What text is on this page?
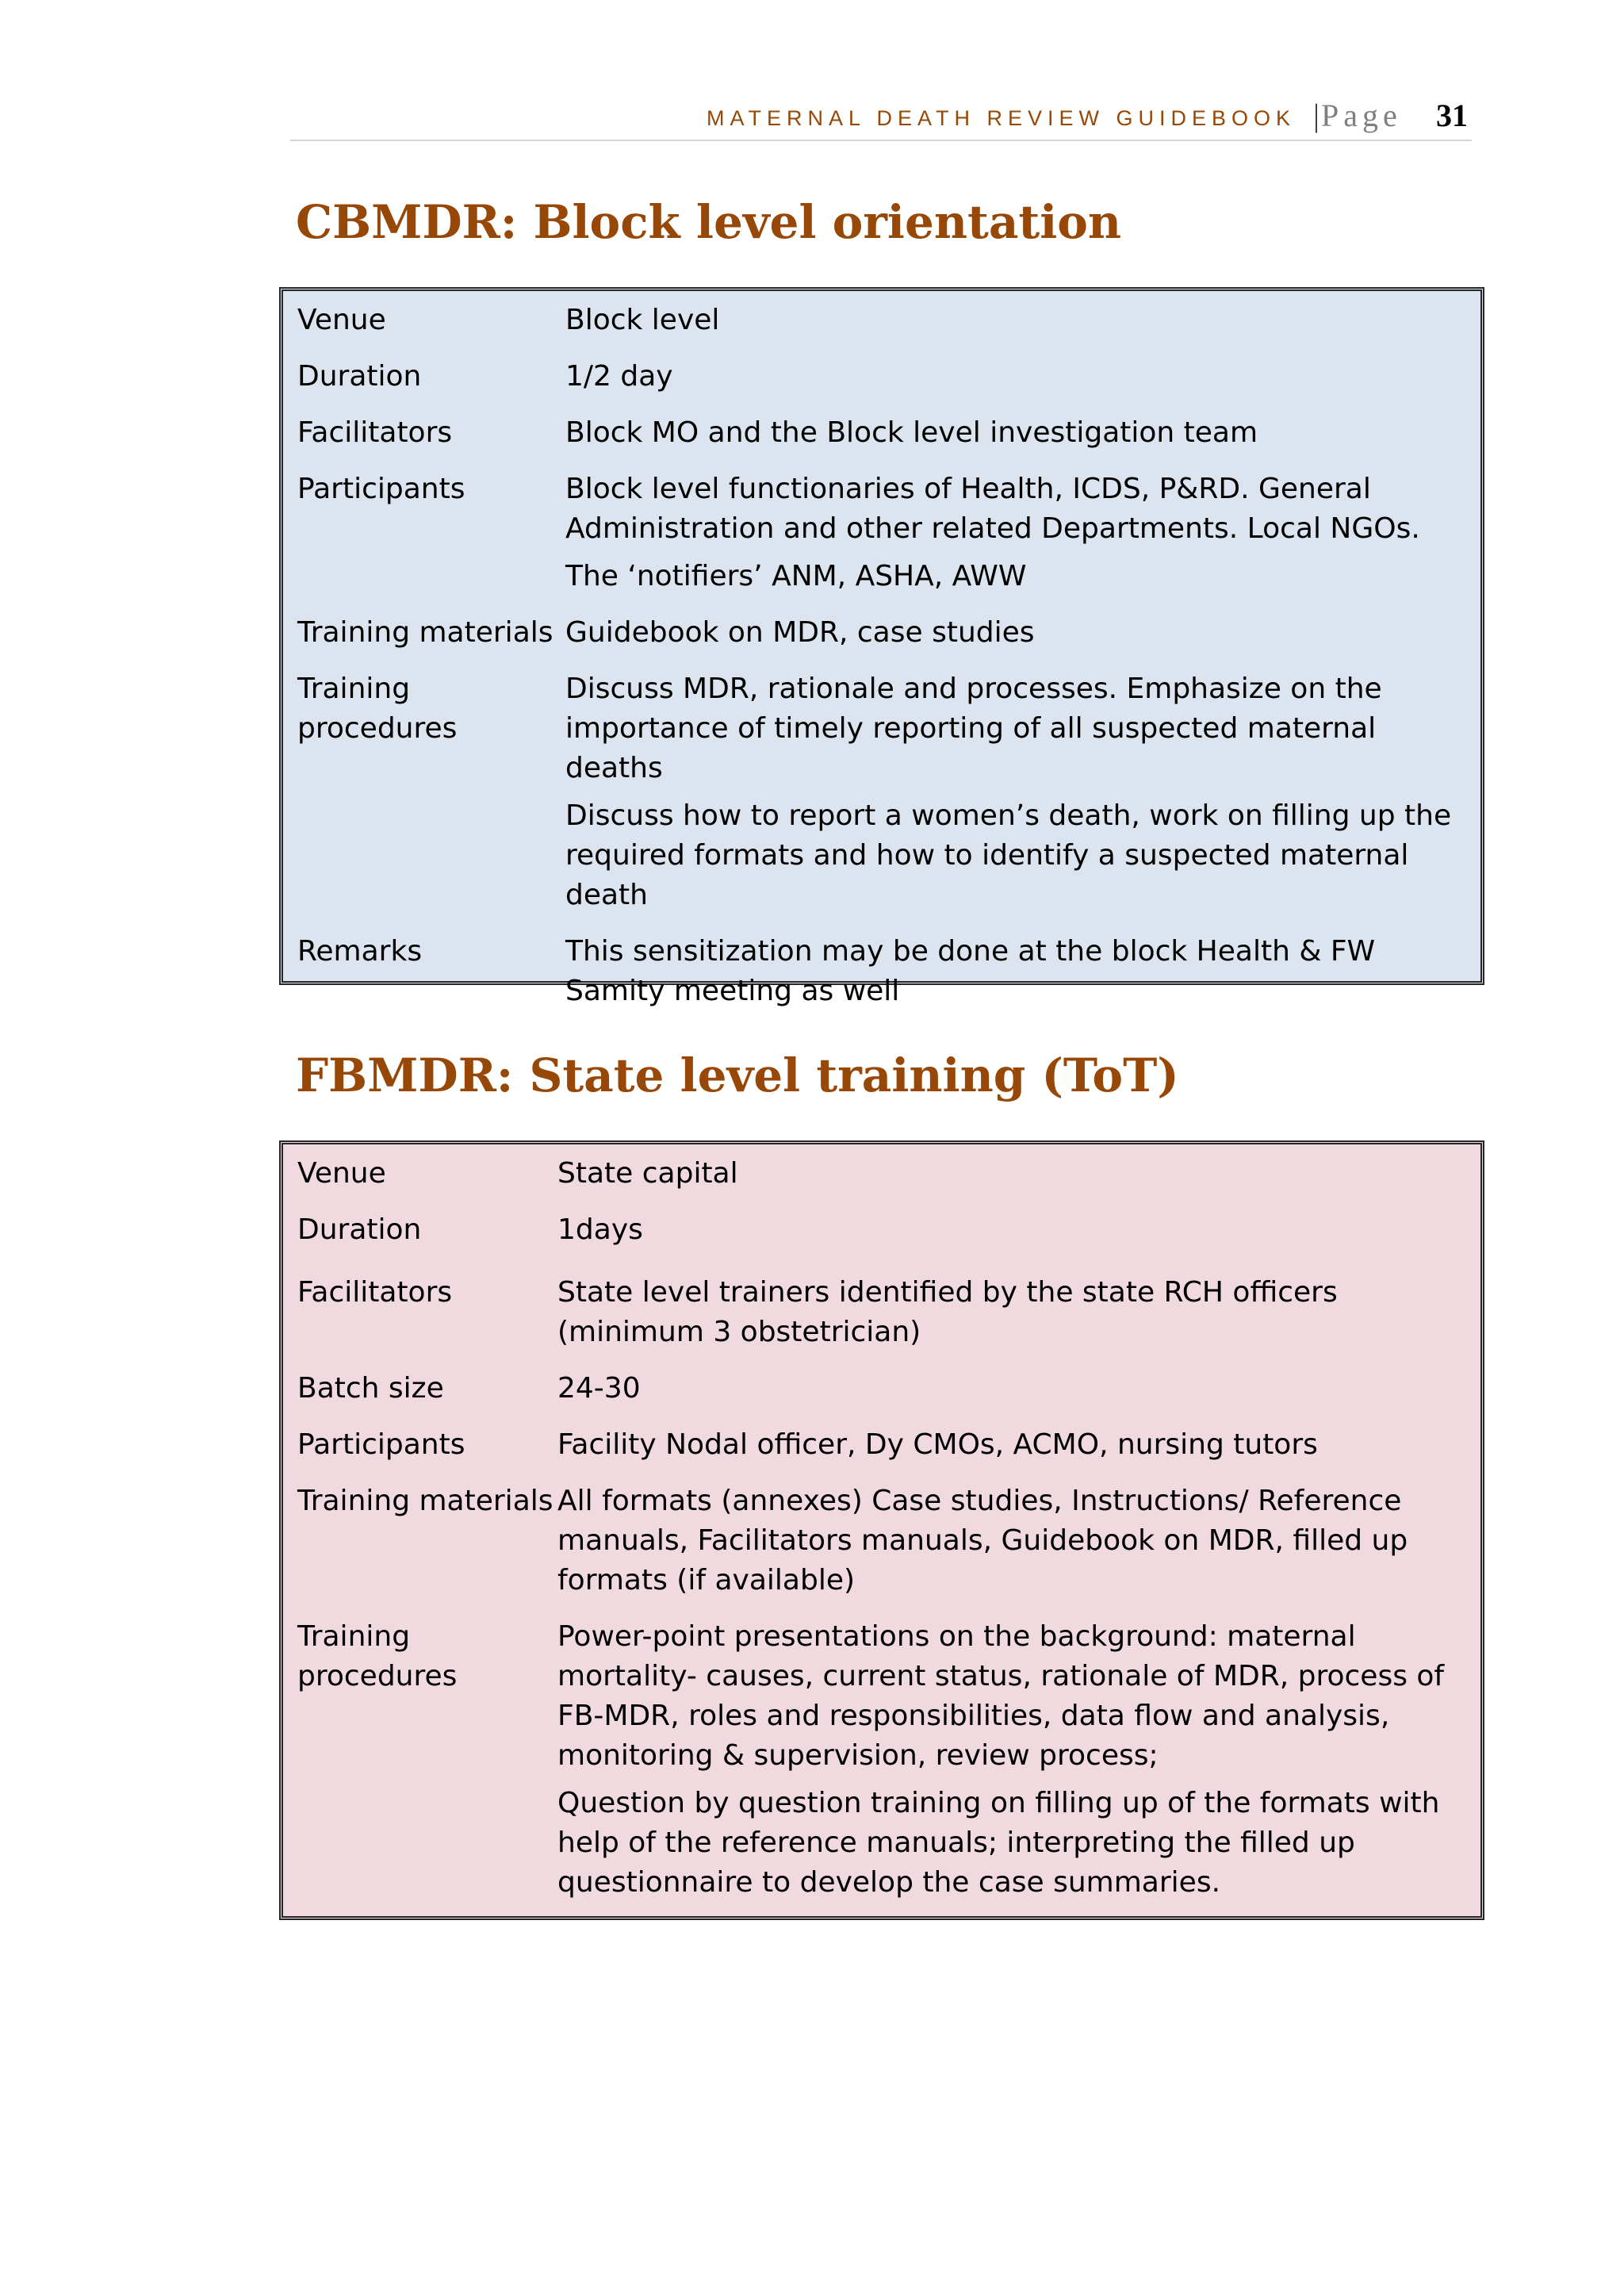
MATERNAL DEATH REVIEW GUIDEBOOK |Page 31
CBMDR: Block level orientation
Venue	Block level

Duration	1/2 day

Facilitators	Block MO and the Block level investigation team

Participants	Block level functionaries of Health, ICDS, P&RD. General Administration and other related Departments. Local NGOs.
The ‘notifiers’ ANM, ASHA, AWW

Training materials	Guidebook on MDR, case studies

Training procedures	Discuss MDR, rationale and processes. Emphasize on the importance of timely reporting of all suspected maternal deaths
Discuss how to report a women’s death, work on filling up the required formats and how to identify a suspected maternal death

Remarks	This sensitization may be done at the block Health & FW Samity meeting as well
FBMDR: State level training (ToT)
Venue	State capital

Duration	1days

Facilitators	State level trainers identified by the state RCH officers (minimum 3 obstetrician)

Batch size	24-30

Participants	Facility Nodal officer, Dy CMOs, ACMO, nursing tutors

Training materials	All formats (annexes) Case studies, Instructions/ Reference manuals, Facilitators manuals, Guidebook on MDR, filled up formats (if available)

Training procedures	Power-point presentations on the background: maternal mortality- causes, current status, rationale of MDR, process of FB-MDR, roles and responsibilities, data flow and analysis, monitoring & supervision, review process;
Question by question training on filling up of the formats with help of the reference manuals; interpreting the filled up questionnaire to develop the case summaries.
